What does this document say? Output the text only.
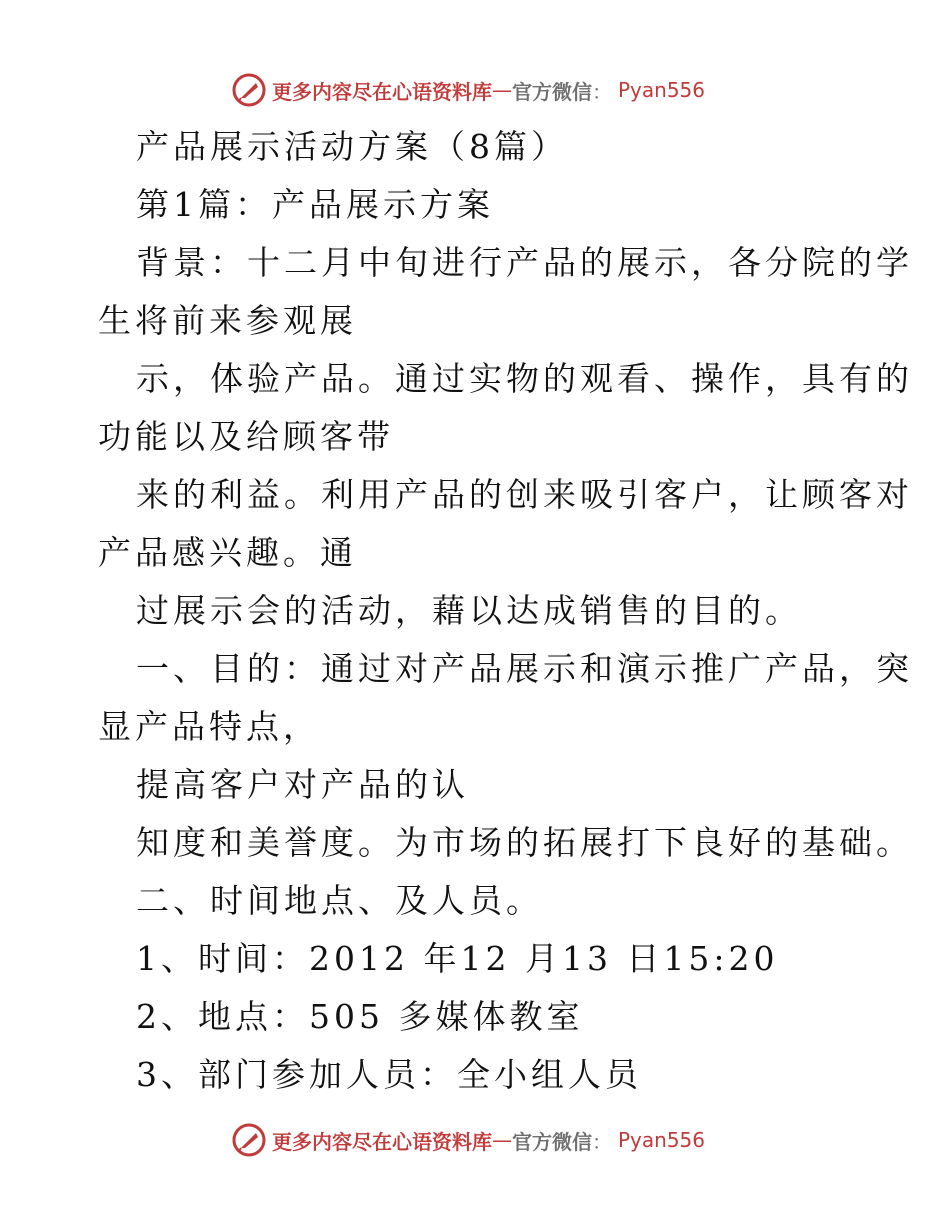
更多内容尽在心语资料库 — 官方微信 ： Pyan556
产品展示活动方案（8篇）
第1篇：产品展示方案
背景：十二月中旬进行产品的展示，各分院的学
生将前来参观展
示，体验产品。通过实物的观看、操作，具有的
功能以及给顾客带
来的利益。利用产品的创来吸引客户，让顾客对
产品感兴趣。通
过展示会的活动，藉以达成销售的目的。
一、目的：通过对产品展示和演示推广产品，突
显产品特点，
提高客户对产品的认
知度和美誉度。为市场的拓展打下良好的基础。
二、时间地点、及人员。
1、时间：2012 年12 月13 日15:20
2、地点：505 多媒体教室
3、部门参加人员：全小组人员
更多内容尽在心语资料库 — 官方微信 ： Pyan556
